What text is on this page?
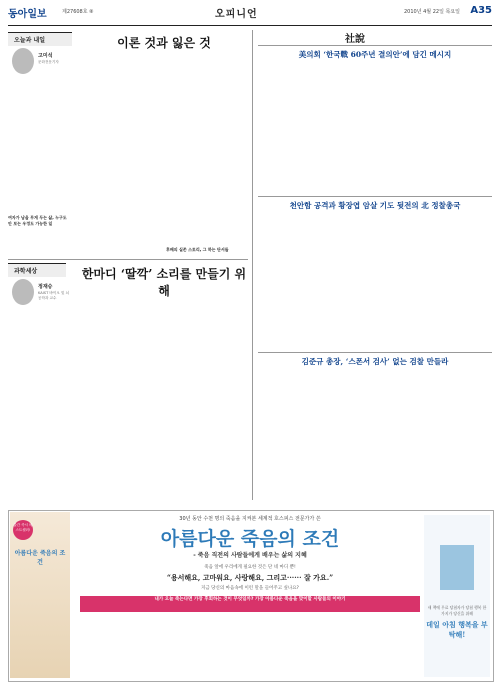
동아일보	제27608호 ⑧	오피니언	2010년 4월 22일 목요일 A35
오늘과 내일
고미석
문화전문기자
이론 것과 잃은 것
여자가 남을 무게 두는 삶, 누구도 안 보는 우정도 가능한 일
후배의 실존 스토리, 그 하는 단서들
과학세상
정재승
KAIST 바이오 및 뇌공학과 교수
한마디 ‘딸깍’ 소리를 만들기 위해
社說
美의회 ‘한국戰 60주년 결의안’에 담긴 메시지
천안함 공격과 황장엽 암살 기도 뒷전의 北 정찰총국
김준규 총장, ‘스폰서 검사’ 없는 검찰 만들라
출간 즉시 베스트셀러!
아름다운 죽음의 조건
30년 동안 수천 명의 죽음을 지켜본 세계적 호스피스 전문가가 쓴
아름다운 죽음의 조건
- 죽음 직전의 사람들에게 배우는 삶의 지혜
죽음 앞에 우리에게 필요한 것은 단 네 마디 뿐!
“용서해요, 고마워요, 사랑해요, 그리고······ 잘 가요.”
지금 당신의 마음속에 이런 말을 들어주고 싶나요?
내가 오늘 죽는다면 가장 후회하는 것이 무엇일까? 가장 아름다운 죽음을 맞이할 사람들의 이야기
새 책에 무료 당첨자가 당첨 행복 한 가지가 당신을 위해
데일 아침 행복을 부탁해!
